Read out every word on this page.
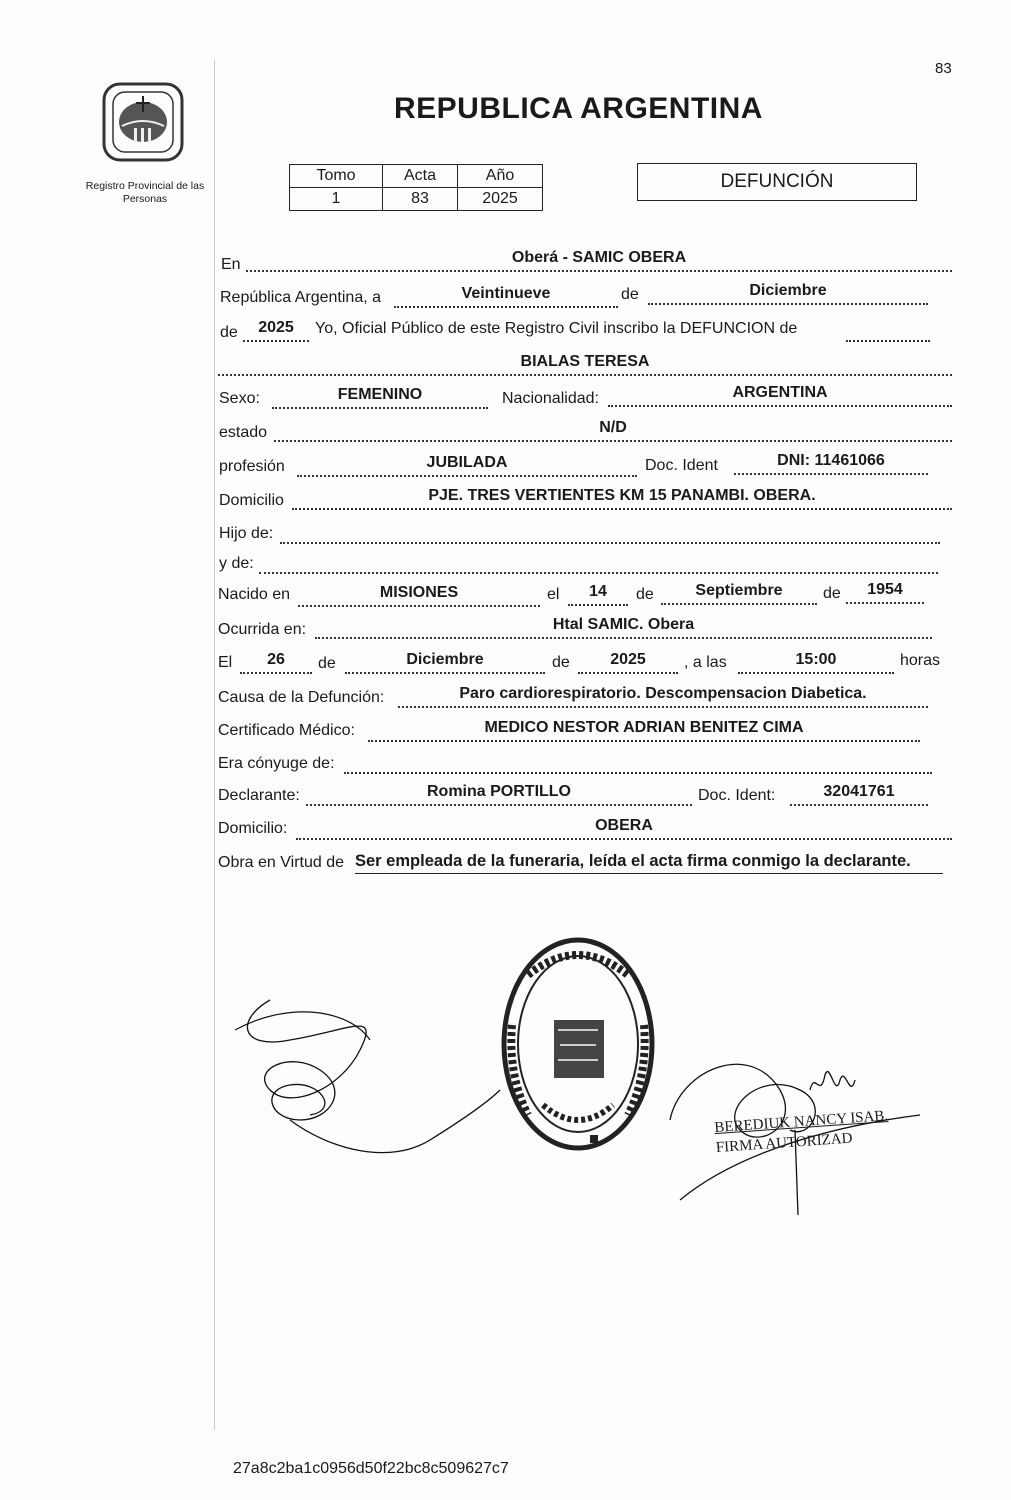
83
Registro Provincial de las Personas
REPUBLICA ARGENTINA
Tomo	Acta	Año
1	83	2025
DEFUNCIÓN
En	Oberá - SAMIC OBERA
República Argentina, a	Veintinueve	de	Diciembre
de	2025	Yo, Oficial Público de este Registro Civil inscribo la DEFUNCION de
BIALAS TERESA
Sexo:	FEMENINO	Nacionalidad:	ARGENTINA
estado	N/D
profesión	JUBILADA	Doc. Ident	DNI: 11461066
Domicilio	PJE. TRES VERTIENTES KM 15 PANAMBI. OBERA.
Hijo de:
y de:
Nacido en	MISIONES	el	14	de	Septiembre	de	1954
Ocurrida en:	Htal SAMIC. Obera
El	26	de	Diciembre	de	2025	, a las	15:00	horas
Causa de la Defunción:	Paro cardiorespiratorio. Descompensacion Diabetica.
Certificado Médico:	MEDICO NESTOR ADRIAN BENITEZ CIMA
Era cónyuge de:
Declarante:	Romina PORTILLO	Doc. Ident:	32041761
Domicilio:	OBERA
Obra en Virtud de Ser empleada de la funeraria, leída el acta firma conmigo la declarante.
BEREDIUK NANCY ISAB.
FIRMA AUTORIZAD
27a8c2ba1c0956d50f22bc8c509627c7
